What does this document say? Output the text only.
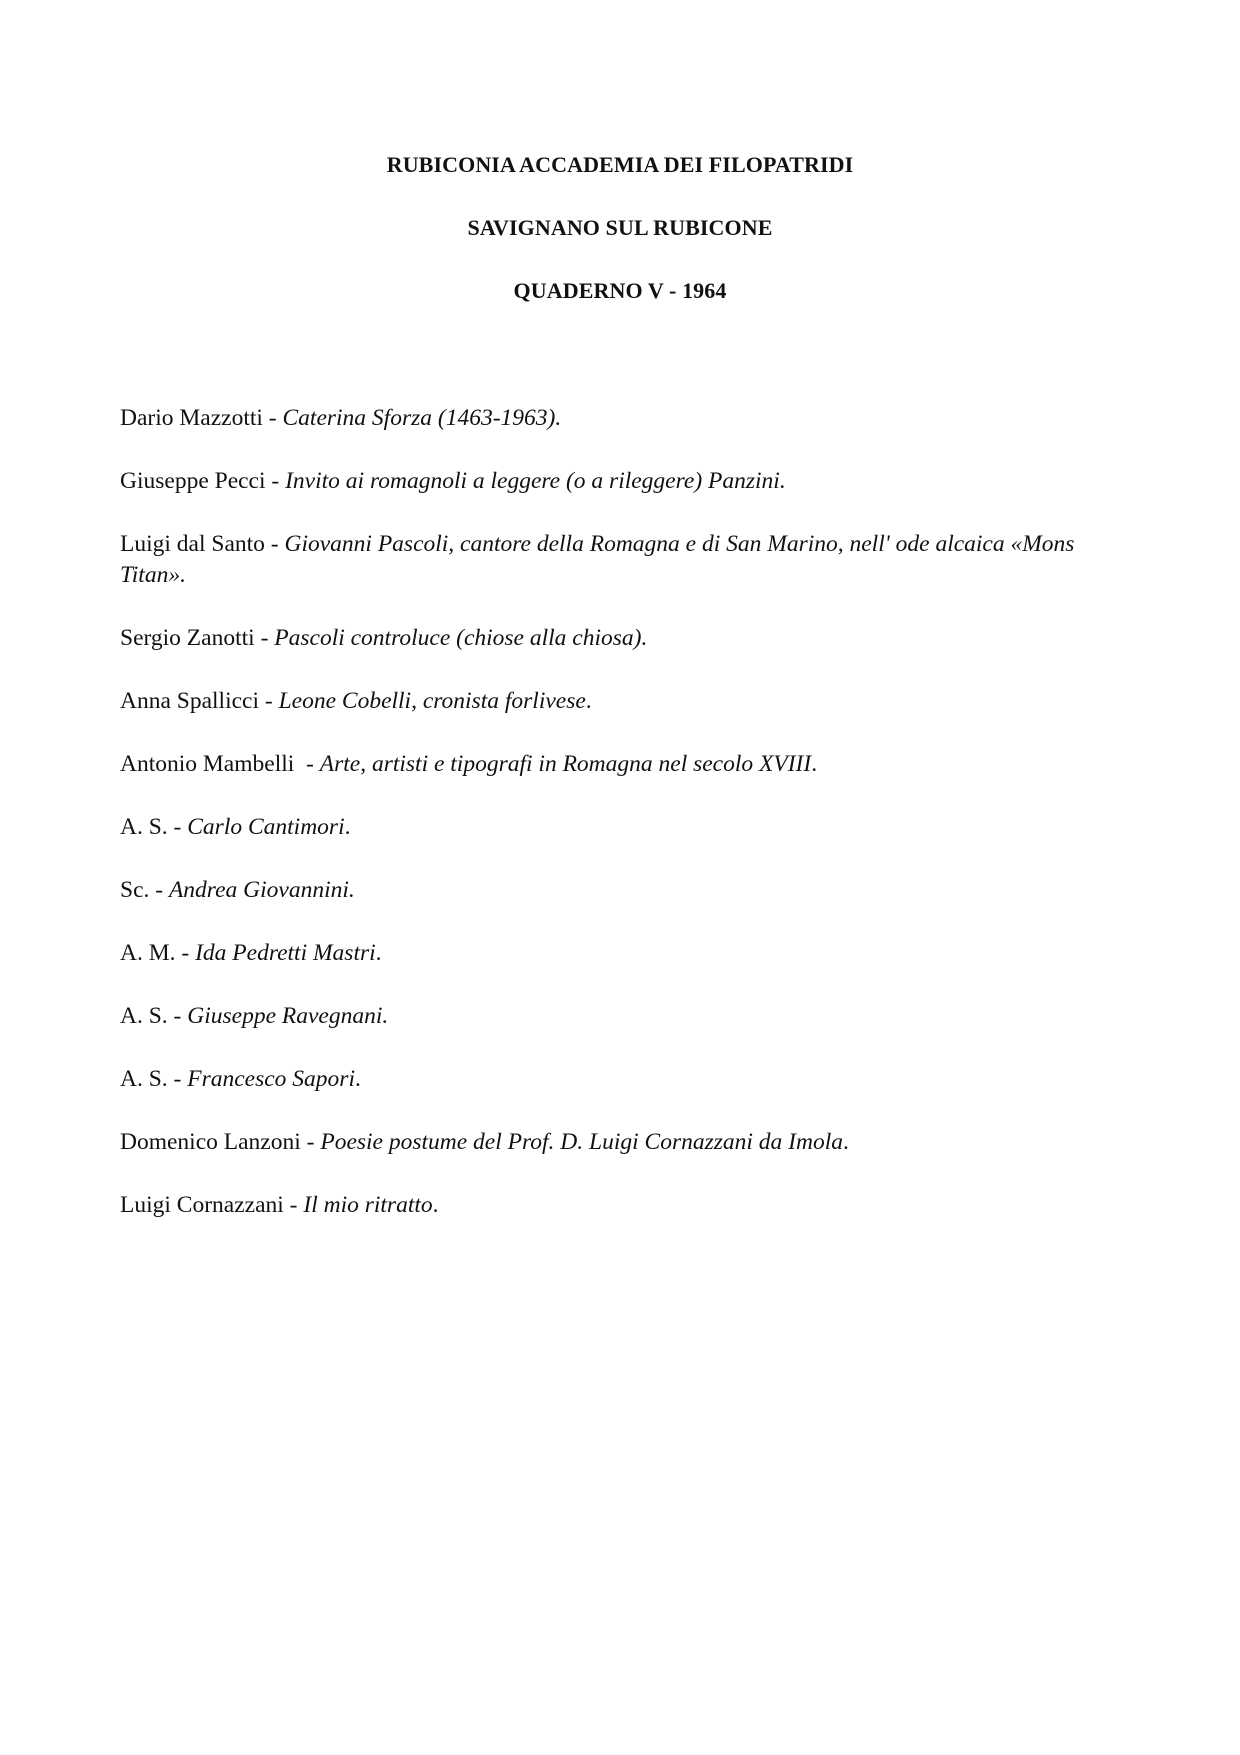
RUBICONIA ACCADEMIA DEI FILOPATRIDI
SAVIGNANO SUL RUBICONE
QUADERNO V - 1964
Dario Mazzotti - Caterina Sforza (1463-1963).
Giuseppe Pecci - Invito ai romagnoli a leggere (o a rileggere) Panzini.
Luigi dal Santo - Giovanni Pascoli, cantore della Romagna e di San Marino, nell' ode alcaica «Mons Titan».
Sergio Zanotti - Pascoli controluce (chiose alla chiosa).
Anna Spallicci - Leone Cobelli, cronista forlivese.
Antonio Mambelli  - Arte, artisti e tipografi in Romagna nel secolo XVIII.
A. S. - Carlo Cantimori.
Sc. - Andrea Giovannini.
A. M. - Ida Pedretti Mastri.
A. S. - Giuseppe Ravegnani.
A. S. - Francesco Sapori.
Domenico Lanzoni - Poesie postume del Prof. D. Luigi Cornazzani da Imola.
Luigi Cornazzani - Il mio ritratto.
